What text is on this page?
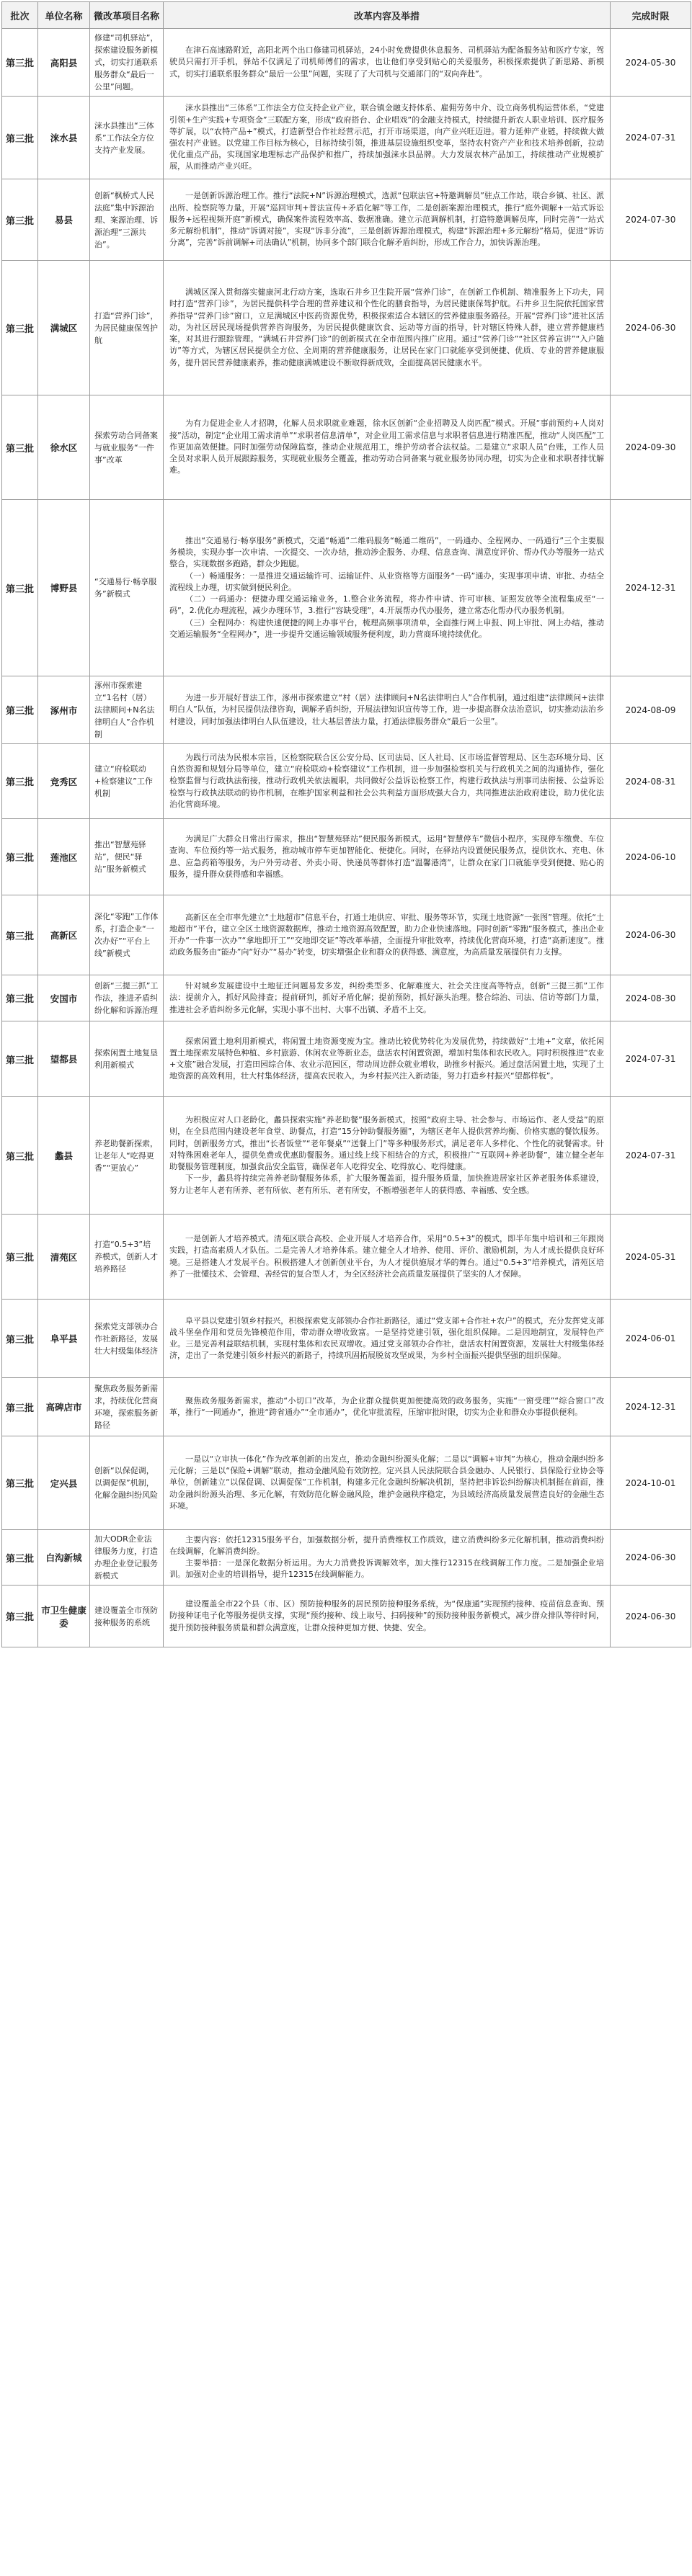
批次	单位名称	微改革项目名称	改革内容及举措	完成时限
第三批	高阳县	修建“司机驿站”，探索建设服务新模式，切实打通联系服务群众“最后一公里”问题。	在津石高速路附近，高阳北两个出口修建司机驿站，24小时免费提供休息服务、司机驿站为配备服务站和医疗专家，驾驶员只需打开手机，驿站不仅满足了司机师傅们的需求，也让他们享受到贴心的关爱服务，积极探索提供了新思路、新模式，切实打通联系服务群众“最后一公里”问题，实现了了大司机与交通部门的“双向奔赴”。	2024-05-30
第三批	涞水县	涞水县推出“三体系”工作法全方位支持产业发展。	涞水县推出“三体系”工作法全方位支持企业产业，联合镇金融支持体系、雇佣劳务中介、设立商务机构运营体系，“党建引领+生产实践+专项资金”三联配方案，形成“政府搭台、企业唱戏”的金融支持模式，持续提升新农人职业培训、医疗服务等扩展，以“农特产品+”模式，打造新型合作社经营示范，打开市场渠道，向产业兴旺迈进。着力延伸产业链，持续做大做强农村产业链。以党建工作目标为核心，目标持续引领，推进基层设施组织变革，坚持农村资产产业和技术培养创新，拉动优化重点产品，实现国家地理标志产品保护和推广，持续加强涞水县品牌。大力发展农林产品加工，持续推动产业规模扩展，从而推动产业兴旺。	2024-07-31
第三批	易县	创新“枫桥式人民法庭”集中诉源治理、案源治理、诉源治理“三源共治”。	一是创新诉源治理工作。推行“法院+N”诉源治理模式，选派“包联法官+特邀调解员”驻点工作站，联合乡镇、社区、派出所、检察院等力量，开展“巡回审判+普法宣传+矛盾化解”等工作，二是创新案源治理模式，推行“庭外调解+一站式诉讼服务+远程视频开庭”新模式，确保案件流程效率高、数据准确。建立示范调解机制，打造特邀调解员库，同时完善“一站式多元解纷机制”，推动“诉调对接”，实现“诉非分流”，三是创新诉源治理模式，构建“诉源治理+多元解纷”格局，促进“诉访分离”，完善“诉前调解+司法确认”机制，协同多个部门联合化解矛盾纠纷，形成工作合力，加快诉源治理。	2024-07-30
第三批	满城区	打造“营养门诊”，为居民健康保驾护航	满城区深入贯彻落实健康河北行动方案，选取石井乡卫生院开展“营养门诊”，在创新工作机制、精准服务上下功夫，同时打造“营养门诊”，为居民提供科学合理的营养建议和个性化的膳食指导，为居民健康保驾护航。石井乡卫生院依托国家营养指导“营养门诊”窗口，立足满城区中医药资源优势，积极探索适合本辖区的营养健康服务路径。开展“营养门诊”进社区活动，为社区居民现场提供营养咨询服务，为居民提供健康饮食、运动等方面的指导，针对辖区特殊人群，建立营养健康档案，对其进行跟踪管理。“满城石井营养门诊”的创新模式在全市范围内推广应用。通过“营养门诊”“社区营养宣讲”“入户随访”等方式，为辖区居民提供全方位、全周期的营养健康服务，让居民在家门口就能享受到便捷、优质、专业的营养健康服务，提升居民营养健康素养，推动健康满城建设不断取得新成效，全面提高居民健康水平。	2024-06-30
第三批	徐水区	探索劳动合同备案与就业服务“一件事”改革	为有力促进企业人才招聘，化解人员求职就业难题，徐水区创新“企业招聘及人岗匹配”模式。开展“事前预约+人岗对接”活动，制定“企业用工需求清单”“求职者信息清单”，对企业用工需求信息与求职者信息进行精准匹配，推动“人岗匹配”工作更加高效便捷。同时加强劳动保障监察，推动企业规范用工，维护劳动者合法权益。二是建立“求职人员”台账，工作人员全员对求职人员开展跟踪服务，实现就业服务全覆盖，推动劳动合同备案与就业服务协同办理，切实为企业和求职者排忧解难。	2024-09-30
第三批	博野县	“交通易行·畅享服务”新模式	推出“交通易行·畅享服务”新模式，交通“畅通”二维码服务“畅通二维码”，一码通办、全程网办、一码通行”三个主要服务模块，实现办事一次申请、一次提交、一次办结，推动涉企服务、办理、信息查询、满意度评价、帮办代办等服务一站式整合，实现数据多跑路，群众少跑腿。

（一）畅通服务：一是推进交通运输许可、运输证件、从业资格等方面服务“一码”通办，实现事项申请、审批、办结全流程线上办理，切实做到便民利企。

（二）一码通办：便捷办理交通运输业务，1.整合业务流程，将办件申请、许可审核、证照发放等全流程集成至“一码”，2.优化办理流程，减少办理环节，3.推行“容缺受理”，4.开展帮办代办服务，建立常态化帮办代办服务机制。

（三）全程网办：构建快速便捷的网上办事平台，梳理高频事项清单，全面推行网上申报、网上审批、网上办结，推动交通运输服务“全程网办”，进一步提升交通运输领域服务便利度，助力营商环境持续优化。	2024-12-31
第三批	涿州市	涿州市探索建立“1名村（居）法律顾问+N名法律明白人”合作机制	为进一步开展好普法工作，涿州市探索建立“村（居）法律顾问+N名法律明白人”合作机制，通过组建“法律顾问+法律明白人”队伍，为村民提供法律咨询，调解矛盾纠纷，开展法律知识宣传等工作，进一步提高群众法治意识，切实推动法治乡村建设，同时加强法律明白人队伍建设，壮大基层普法力量，打通法律服务群众“最后一公里”。	2024-08-09
第三批	竞秀区	建立“府检联动+检察建议”工作机制	为践行司法为民根本宗旨，区检察院联合区公安分局、区司法局、区人社局、区市场监督管理局、区生态环境分局、区自然资源和规划分局等单位，建立“府检联动+检察建议”工作机制，进一步加强检察机关与行政机关之间的沟通协作，强化检察监督与行政执法衔接，推动行政机关依法履职，共同做好公益诉讼检察工作，构建行政执法与刑事司法衔接、公益诉讼检察与行政执法联动的协作机制，在维护国家利益和社会公共利益方面形成强大合力，共同推进法治政府建设，助力优化法治化营商环境。	2024-08-31
第三批	莲池区	推出“智慧苑驿站”，便民“驿站”服务新模式	为满足广大群众日常出行需求，推出“智慧苑驿站”便民服务新模式，运用“智慧停车”微信小程序，实现停车缴费、车位查询、车位预约等一站式服务，推动城市停车更加智能化、便捷化。同时，在驿站内设置便民服务点，提供饮水、充电、休息、应急药箱等服务，为户外劳动者、外卖小哥、快递员等群体打造“温馨港湾”，让群众在家门口就能享受到便捷、贴心的服务，提升群众获得感和幸福感。	2024-06-10
第三批	高新区	深化“零跑”工作体系，打造企业“一次办好”“平台上线”新模式	高新区在全市率先建立“土地超市”信息平台，打通土地供应、审批、服务等环节，实现土地资源“一张图”管理。依托“土地超市”平台，建立全区土地资源数据库，推动土地资源高效配置，助力企业快速落地。同时创新“零跑”服务模式，推出企业开办“一件事一次办”“拿地即开工”“交地即交证”等改革举措，全面提升审批效率，持续优化营商环境，打造“高新速度”。推动政务服务由“能办”向“好办”“易办”转变，切实增强企业和群众的获得感、满意度，为高质量发展提供有力支撑。	2024-06-30
第三批	安国市	创新“三提三抓”工作法，推进矛盾纠纷化解和诉源治理	针对城乡发展建设中土地征迁问题易发多发，纠纷类型多、化解难度大、社会关注度高等特点，创新“三提三抓”工作法：提前介入，抓好风险排查；提前研判，抓好矛盾化解；提前预防，抓好源头治理。整合综治、司法、信访等部门力量，推进社会矛盾纠纷多元化解，实现小事不出村、大事不出镇、矛盾不上交。	2024-08-30
第三批	望都县	探索闲置土地复垦利用新模式	探索闲置土地利用新模式，将闲置土地资源变废为宝。推动比较优势转化为发展优势，持续做好“土地+”文章，依托闲置土地探索发展特色种植、乡村旅游、休闲农业等新业态，盘活农村闲置资源，增加村集体和农民收入。同时积极推进“农业+文旅”融合发展，打造田园综合体、农业示范园区，带动周边群众就业增收，助推乡村振兴。通过盘活闲置土地，实现了土地资源的高效利用，壮大村集体经济，提高农民收入，为乡村振兴注入新动能，努力打造乡村振兴“望都样板”。	2024-07-31
第三批	蠡县	养老助餐新探索，让老年人“吃得更香”“更放心”	为积极应对人口老龄化，蠡县探索实施“养老助餐”服务新模式，按照“政府主导、社会参与、市场运作、老人受益”的原则，在全县范围内建设老年食堂、助餐点，打造“15分钟助餐服务圈”，为辖区老年人提供营养均衡、价格实惠的餐饮服务。同时，创新服务方式，推出“长者饭堂”“老年餐桌”“送餐上门”等多种服务形式，满足老年人多样化、个性化的就餐需求。针对特殊困难老年人，提供免费或优惠助餐服务。通过线上线下相结合的方式，积极推广“互联网+养老助餐”，建立健全老年助餐服务管理制度，加强食品安全监管，确保老年人吃得安全、吃得放心、吃得健康。

下一步，蠡县将持续完善养老助餐服务体系，扩大服务覆盖面，提升服务质量，加快推进居家社区养老服务体系建设，努力让老年人老有所养、老有所依、老有所乐、老有所安，不断增强老年人的获得感、幸福感、安全感。	2024-07-31
第三批	清苑区	打造“0.5+3”培养模式，创新人才培养路径	一是创新人才培养模式。清苑区联合高校、企业开展人才培养合作，采用“0.5+3”的模式，即半年集中培训和三年跟岗实践，打造高素质人才队伍。二是完善人才培养体系。建立健全人才培养、使用、评价、激励机制，为人才成长提供良好环境。三是搭建人才发展平台。积极搭建人才创新创业平台，为人才提供施展才华的舞台。通过“0.5+3”培养模式，清苑区培养了一批懂技术、会管理、善经营的复合型人才，为全区经济社会高质量发展提供了坚实的人才保障。	2024-05-31
第三批	阜平县	探索党支部领办合作社新路径，发展壮大村级集体经济	阜平县以党建引领乡村振兴，积极探索党支部领办合作社新路径，通过“党支部+合作社+农户”的模式，充分发挥党支部战斗堡垒作用和党员先锋模范作用，带动群众增收致富。一是坚持党建引领，强化组织保障。二是因地制宜，发展特色产业。三是完善利益联结机制，实现村集体和农民双增收。通过党支部领办合作社，盘活农村闲置资源，发展壮大村级集体经济，走出了一条党建引领乡村振兴的新路子，持续巩固拓展脱贫攻坚成果，为乡村全面振兴提供坚强的组织保障。	2024-06-01
第三批	高碑店市	聚焦政务服务新需求，持续优化营商环境，探索服务新路径	聚焦政务服务新需求，推动“小切口”改革，为企业群众提供更加便捷高效的政务服务，实施“一窗受理”“综合窗口”改革，推行“一网通办”，推进“跨省通办”“全市通办”，优化审批流程，压缩审批时限，切实为企业和群众办事提供便利。	2024-12-31
第三批	定兴县	创新“以保促调，以调促保”机制，化解金融纠纷风险	一是以“立审执一体化”作为改革创新的出发点，推动金融纠纷源头化解；二是以“调解+审判”为核心，推动金融纠纷多元化解；三是以“保险+调解”联动，推动金融风险有效防控。定兴县人民法院联合县金融办、人民银行、县保险行业协会等单位，创新建立“以保促调、以调促保”工作机制，构建多元化金融纠纷解决机制，坚持把非诉讼纠纷解决机制挺在前面，推动金融纠纷源头治理、多元化解，有效防范化解金融风险，维护金融秩序稳定，为县域经济高质量发展营造良好的金融生态环境。	2024-10-01
第三批	白沟新城	加大ODR企业法律服务力度，打造办理企业登记服务新模式	主要内容：依托12315服务平台，加强数据分析，提升消费维权工作质效，建立消费纠纷多元化解机制，推动消费纠纷在线调解，化解消费纠纷。

主要举措：一是深化数据分析运用。为大力消费投诉调解效率，加大推行12315在线调解工作力度。二是加强企业培训。加强对企业的培训指导，提升12315在线调解能力。	2024-06-30
第三批	市卫生健康委	建设覆盖全市预防接种服务的系统	建设覆盖全市22个县（市、区）预防接种服务的居民预防接种服务系统，为“保康通”实现预约接种、疫苗信息查询、预防接种证电子化等服务提供支撑，实现“预约接种、线上取号、扫码接种”的预防接种服务新模式，减少群众排队等待时间，提升预防接种服务质量和群众满意度，让群众接种更加方便、快捷、安全。	2024-06-30
